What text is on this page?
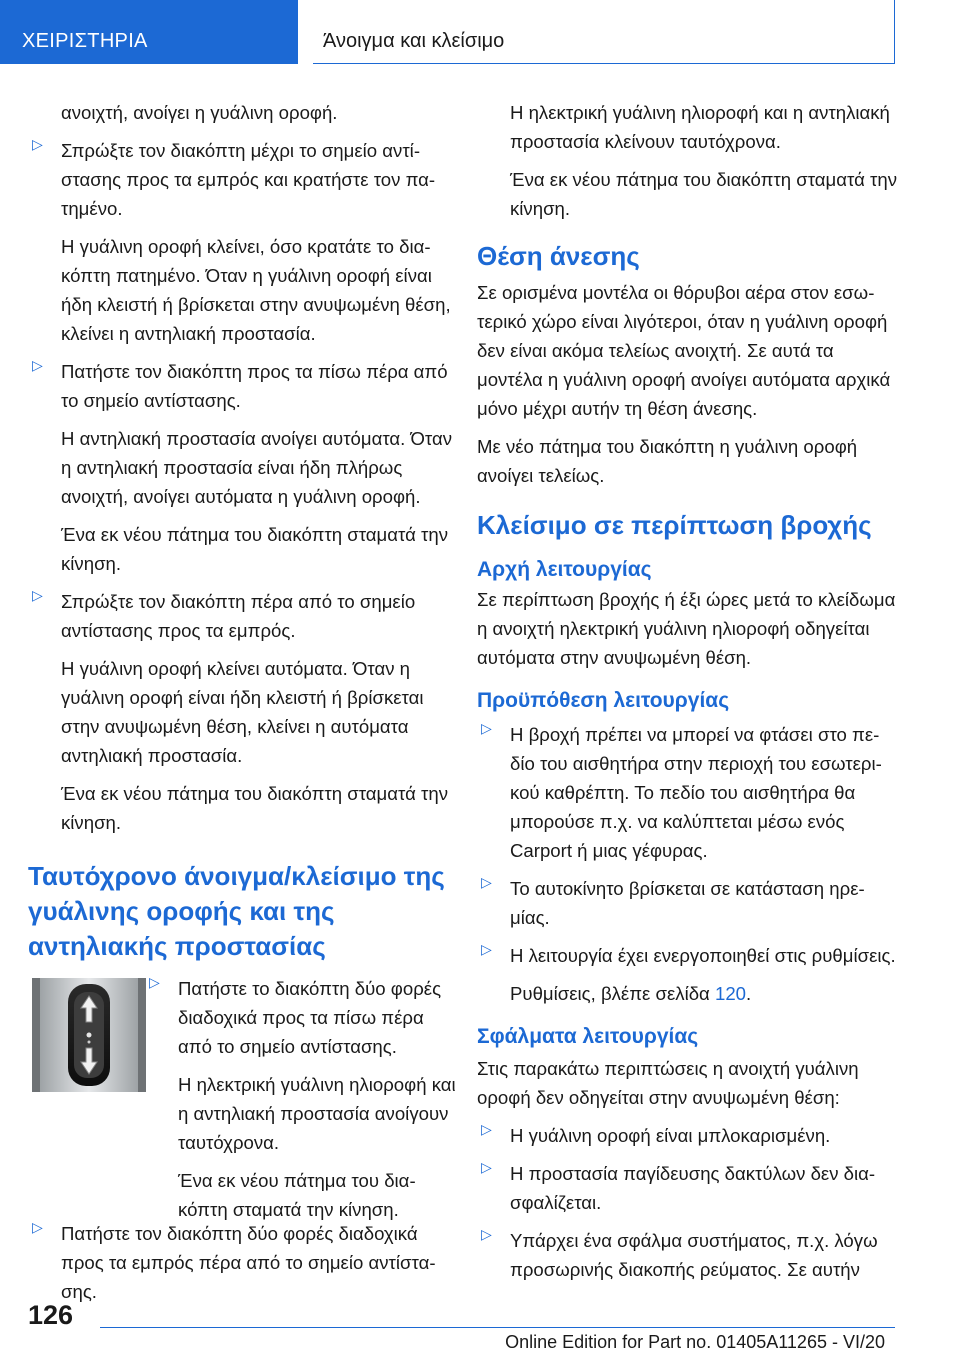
ΧΕΙΡΙΣΤΗΡΙΑ	Άνοιγμα και κλείσιμο

ανοιχτή, ανοίγει η γυάλινη οροφή.

▷ Σπρώξτε τον διακόπτη μέχρι το σημείο αντίστασης προς τα εμπρός και κρατήστε τον πατημένο.

Η γυάλινη οροφή κλείνει, όσο κρατάτε το διακόπτη πατημένο. Όταν η γυάλινη οροφή είναι ήδη κλειστή ή βρίσκεται στην ανυψωμένη θέση, κλείνει η αντηλιακή προστασία.

▷ Πατήστε τον διακόπτη προς τα πίσω πέρα από το σημείο αντίστασης.

Η αντηλιακή προστασία ανοίγει αυτόματα. Όταν η αντηλιακή προστασία είναι ήδη πλήρως ανοιχτή, ανοίγει αυτόματα η γυάλινη οροφή.

Ένα εκ νέου πάτημα του διακόπτη σταματά την κίνηση.

▷ Σπρώξτε τον διακόπτη πέρα από το σημείο αντίστασης προς τα εμπρός.

Η γυάλινη οροφή κλείνει αυτόματα. Όταν η γυάλινη οροφή είναι ήδη κλειστή ή βρίσκεται στην ανυψωμένη θέση, κλείνει η αυτόματα αντηλιακή προστασία.

Ένα εκ νέου πάτημα του διακόπτη σταματά την κίνηση.

Ταυτόχρονο άνοιγμα/κλείσιμο της γυάλινης οροφής και της αντηλιακής προστασίας
▷ Πατήστε το διακόπτη δύο φορές διαδοχικά προς τα πίσω πέρα από το σημείο αντίστασης.

Η ηλεκτρική γυάλινη ηλιοροφή και η αντηλιακή προστασία ανοίγουν ταυτόχρονα.

Ένα εκ νέου πάτημα του διακόπτη σταματά την κίνηση.

▷ Πατήστε τον διακόπτη δύο φορές διαδοχικά προς τα εμπρός πέρα από το σημείο αντίστασης.

Η ηλεκτρική γυάλινη ηλιοροφή και η αντηλιακή προστασία κλείνουν ταυτόχρονα.

Ένα εκ νέου πάτημα του διακόπτη σταματά την κίνηση.

Θέση άνεσης

Σε ορισμένα μοντέλα οι θόρυβοι αέρα στον εσωτερικό χώρο είναι λιγότεροι, όταν η γυάλινη οροφή δεν είναι ακόμα τελείως ανοιχτή. Σε αυτά τα μοντέλα η γυάλινη οροφή ανοίγει αυτόματα αρχικά μόνο μέχρι αυτήν τη θέση άνεσης.

Με νέο πάτημα του διακόπτη η γυάλινη οροφή ανοίγει τελείως.

Κλείσιμο σε περίπτωση βροχής
Αρχή λειτουργίας

Σε περίπτωση βροχής ή έξι ώρες μετά το κλείδωμα η ανοιχτή ηλεκτρική γυάλινη ηλιοροφή οδηγείται αυτόματα στην ανυψωμένη θέση.

Προϋπόθεση λειτουργίας
▷ Η βροχή πρέπει να μπορεί να φτάσει στο πεδίο του αισθητήρα στην περιοχή του εσωτερικού καθρέπτη. Το πεδίο του αισθητήρα θα μπορούσε π.χ. να καλύπτεται μέσω ενός Carport ή μιας γέφυρας.

▷ Το αυτοκίνητο βρίσκεται σε κατάσταση ηρεμίας.

▷ Η λειτουργία έχει ενεργοποιηθεί στις ρυθμίσεις.

Ρυθμίσεις, βλέπε σελίδα 120.

Σφάλματα λειτουργίας

Στις παρακάτω περιπτώσεις η ανοιχτή γυάλινη οροφή δεν οδηγείται στην ανυψωμένη θέση:

▷ Η γυάλινη οροφή είναι μπλοκαρισμένη.

▷ Η προστασία παγίδευσης δακτύλων δεν διασφαλίζεται.

▷ Υπάρχει ένα σφάλμα συστήματος, π.χ. λόγω προσωρινής διακοπής ρεύματος. Σε αυτήν

126
Online Edition for Part no. 01405A11265 - VI/20
